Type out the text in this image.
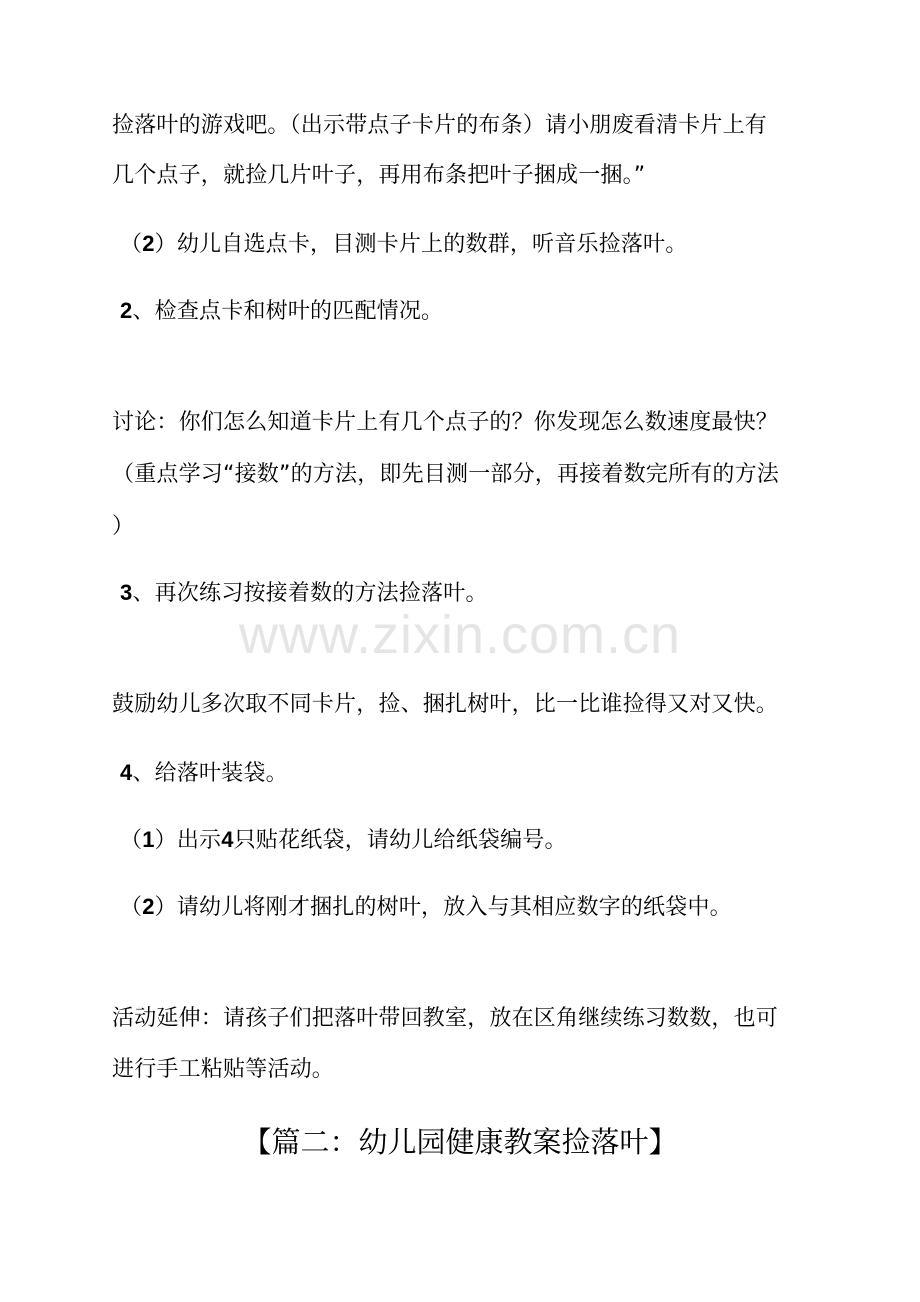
捡落叶的游戏吧。（出示带点子卡片的布条）请小朋废看清卡片上有
几个点子，就捡几片叶子，再用布条把叶子捆成一捆。”
（2）幼儿自选点卡，目测卡片上的数群，听音乐捡落叶。
2、检查点卡和树叶的匹配情况。
讨论：你们怎么知道卡片上有几个点子的？你发现怎么数速度最快？
（重点学习“接数”的方法，即先目测一部分，再接着数完所有的方法
）
3、再次练习按接着数的方法捡落叶。
www.zixin.com.cn
鼓励幼儿多次取不同卡片，捡、捆扎树叶，比一比谁捡得又对又快。
4、给落叶装袋。
（1）出示4只贴花纸袋，请幼儿给纸袋编号。
（2）请幼儿将刚才捆扎的树叶，放入与其相应数字的纸袋中。
活动延伸：请孩子们把落叶带回教室，放在区角继续练习数数，也可
进行手工粘贴等活动。
【篇二：幼儿园健康教案捡落叶】
